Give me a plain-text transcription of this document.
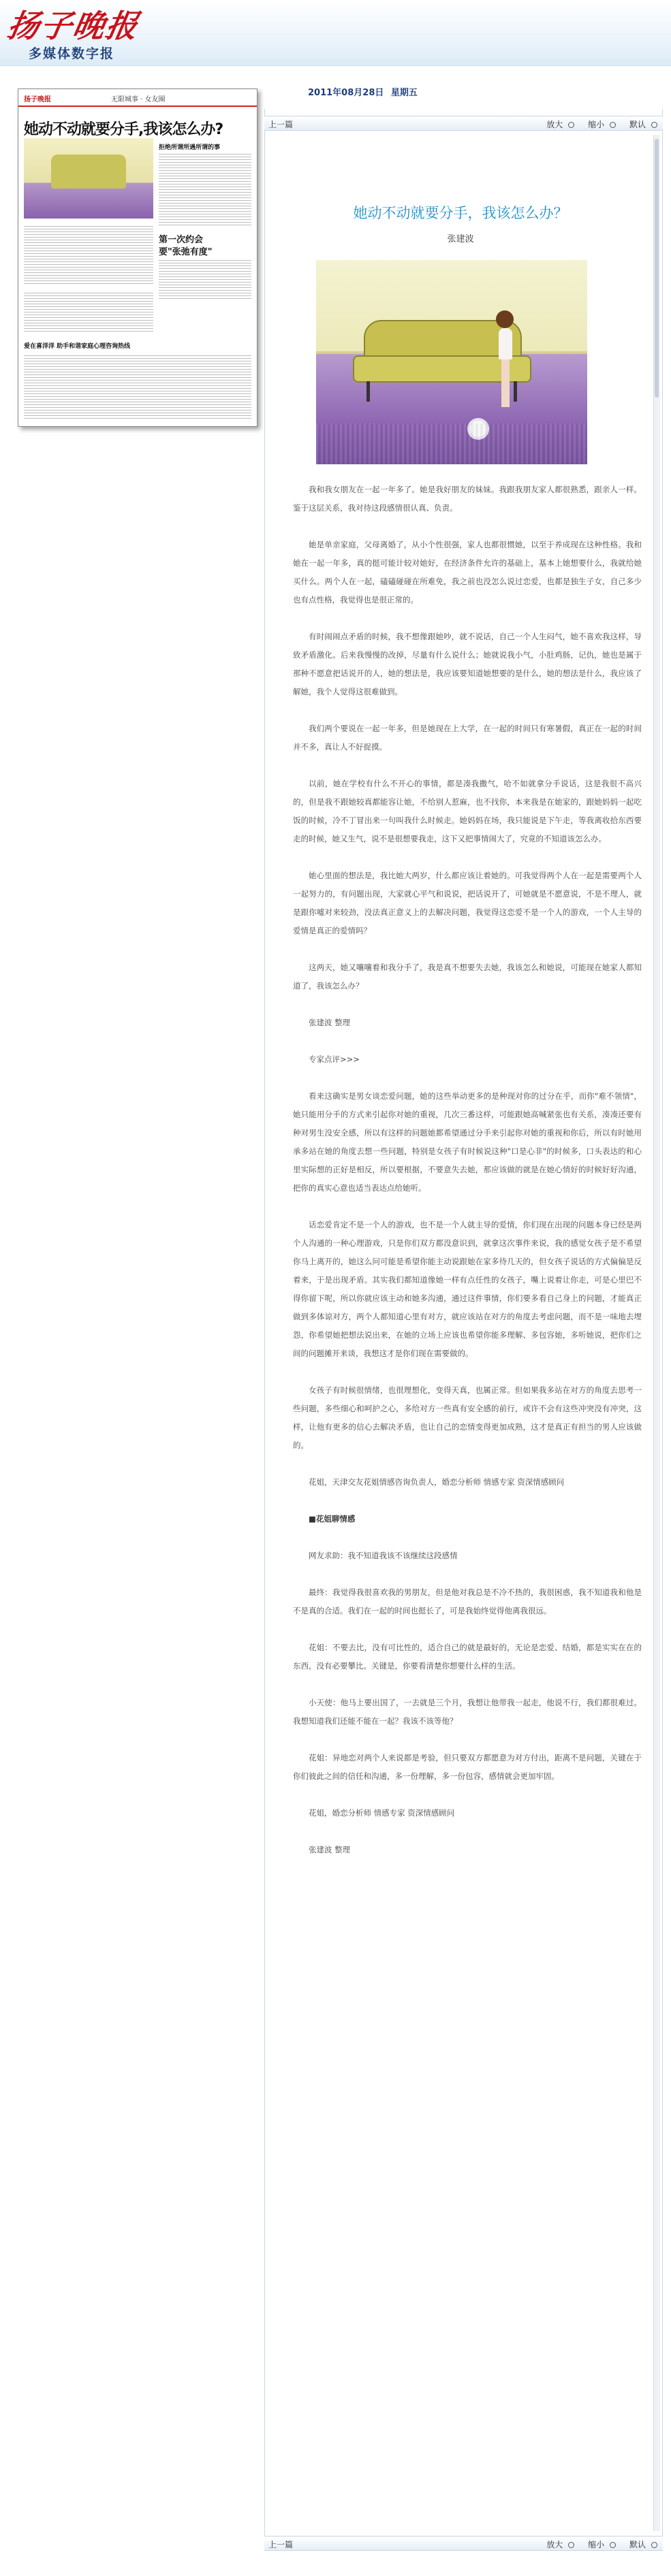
扬子晚报
多媒体数字报
2011年08月28日 星期五
扬子晚报	无限城事 · 女友圈
她动不动就要分手,我该怎么办?
拒绝所谓所遇所谓的事
第一次约会
要"张弛有度"
爱在喜洋洋 助手和谐家庭心理咨询热线
上一篇	放大	缩小	默认
她动不动就要分手，我该怎么办？
张建波

我和我女朋友在一起一年多了。她是我好朋友的妹妹。我跟我朋友家人都很熟悉，跟亲人一样。鉴于这层关系，我对待这段感情很认真、负责。

她是单亲家庭，父母离婚了，从小个性很强，家人也都很惯她，以至于养成现在这种性格。我和她在一起一年多，真的挺可能计较对她好，在经济条件允许的基础上，基本上她想要什么，我就给她买什么。两个人在一起，磕磕碰碰在所难免，我之前也没怎么说过恋爱，也都是独生子女，自己多少也有点性格，我觉得也是很正常的。

有时闹闹点矛盾的时候，我不想像跟她吵，就不说话，自己一个人生闷气，她不喜欢我这样，导致矛盾激化。后来我慢慢的改掉，尽量有什么说什么；她就说我小气，小肚鸡肠，记仇，她也是属于那种不愿意把话说开的人，她的想法是，我应该要知道她想要的是什么，她的想法是什么，我应该了解她，我个人觉得这很难做到。

我们两个要说在一起一年多，但是她现在上大学，在一起的时间只有寒暑假，真正在一起的时间并不多，真让人不好捉摸。

以前，她在学校有什么不开心的事情，都是凑我撒气，哈不如就拿分手说话，这是我很不高兴的，但是我不跟她较真都能容让她，不给别人惹麻，也不找你，本来我是在她家的，跟她妈妈一起吃饭的时候，冷不丁冒出来一句叫我什么时候走。她妈妈在场，我只能说是下午走，等我离收拾东西要走的时候，她又生气，说不是很想要我走，这下又把事情闹大了，究竟的不知道该怎么办。

她心里面的想法是，我比她大两岁，什么都应该让着她的。可我觉得两个人在一起是需要两个人一起努力的，有问题出现，大家就心平气和说说，把话说开了，可她就是不愿意说，不是不理人，就是跟你嘘对来较劲，没法真正意义上的去解决问题，我觉得这恋爱不是一个人的游戏，一个人主导的爱情是真正的爱情吗？

这两天，她又嚷嚷着和我分手了，我是真不想要失去她，我该怎么和她说，可能现在她家人都知道了，我该怎么办？

张建波 整理

专家点评>>>

看来这确实是男女谈恋爱问题，她的这些举动更多的是种现对你的过分在乎，而你"难不领情"，她只能用分手的方式来引起你对她的重视，几次三番这样，可能跟她高喊紧张也有关系，凑凑还要有种对男生没安全感，所以有这样的问题她都希望通过分手来引起你对她的重视和你后，所以有时她用承多站在她的角度去想一些问题，特别是女孩子有时候说这种"口是心非"的时候多，口头表达的和心里实际想的正好是相反，所以要根据，不要意失去她，那应该做的就是在她心情好的时候好好沟通，把你的真实心意也适当表达点给她听。

话恋爱肯定不是一个人的游戏，也不是一个人就主导的爱情，你们现在出现的问题本身已经是两个人沟通的一种心理游戏，只是你们双方都没意识到，就拿这次事件来说，我的感觉女孩子是不希望你马上离开的，她这么问可能是希望你能主动说跟她在家多待几天的，但女孩子说话的方式偏偏是反着来，于是出现矛盾。其实我们都知道像她一样有点任性的女孩子，嘴上说着让你走，可是心里巴不得你留下呢，所以你就应该主动和她多沟通，通过这件事情，你们要多看自己身上的问题，才能真正做到多体谅对方，两个人都知道心里有对方，就应该站在对方的角度去考虑问题，而不是一味地去埋怨，你希望她把想法说出来，在她的立场上应该也希望你能多理解、多包容她，多听她说，把你们之间的问题摊开来谈，我想这才是你们现在需要做的。

女孩子有时候很情绪，也很理想化，变得天真，也属正常。但如果我多站在对方的角度去思考一些问题，多些细心和呵护之心，多给对方一些真有安全感的前行，或许不会有这些冲突没有冲突，这样，让他有更多的信心去解决矛盾，也让自己的恋情变得更加成熟，这才是真正有担当的男人应该做的。

花姐，天津交友花姐情感咨询负责人，婚恋分析师 情感专家 资深情感顾问

■花姐聊情感

网友求助：我不知道我该不该继续这段感情

最终：我觉得我很喜欢我的男朋友，但是他对我总是不冷不热的，我很困惑，我不知道我和他是不是真的合适。我们在一起的时间也挺长了，可是我始终觉得他离我很远。

花姐：不要去比，没有可比性的，适合自己的就是最好的，无论是恋爱、结婚，都是实实在在的东西，没有必要攀比。关键是，你要看清楚你想要什么样的生活。

小天使：他马上要出国了，一去就是三个月，我想让他带我一起走，他说不行，我们都很难过。我想知道我们还能不能在一起？我该不该等他？

花姐：异地恋对两个人来说都是考验，但只要双方都愿意为对方付出，距离不是问题，关键在于你们彼此之间的信任和沟通，多一份理解，多一份包容，感情就会更加牢固。

花姐，婚恋分析师 情感专家 资深情感顾问

张建波 整理

上一篇	放大	缩小	默认
